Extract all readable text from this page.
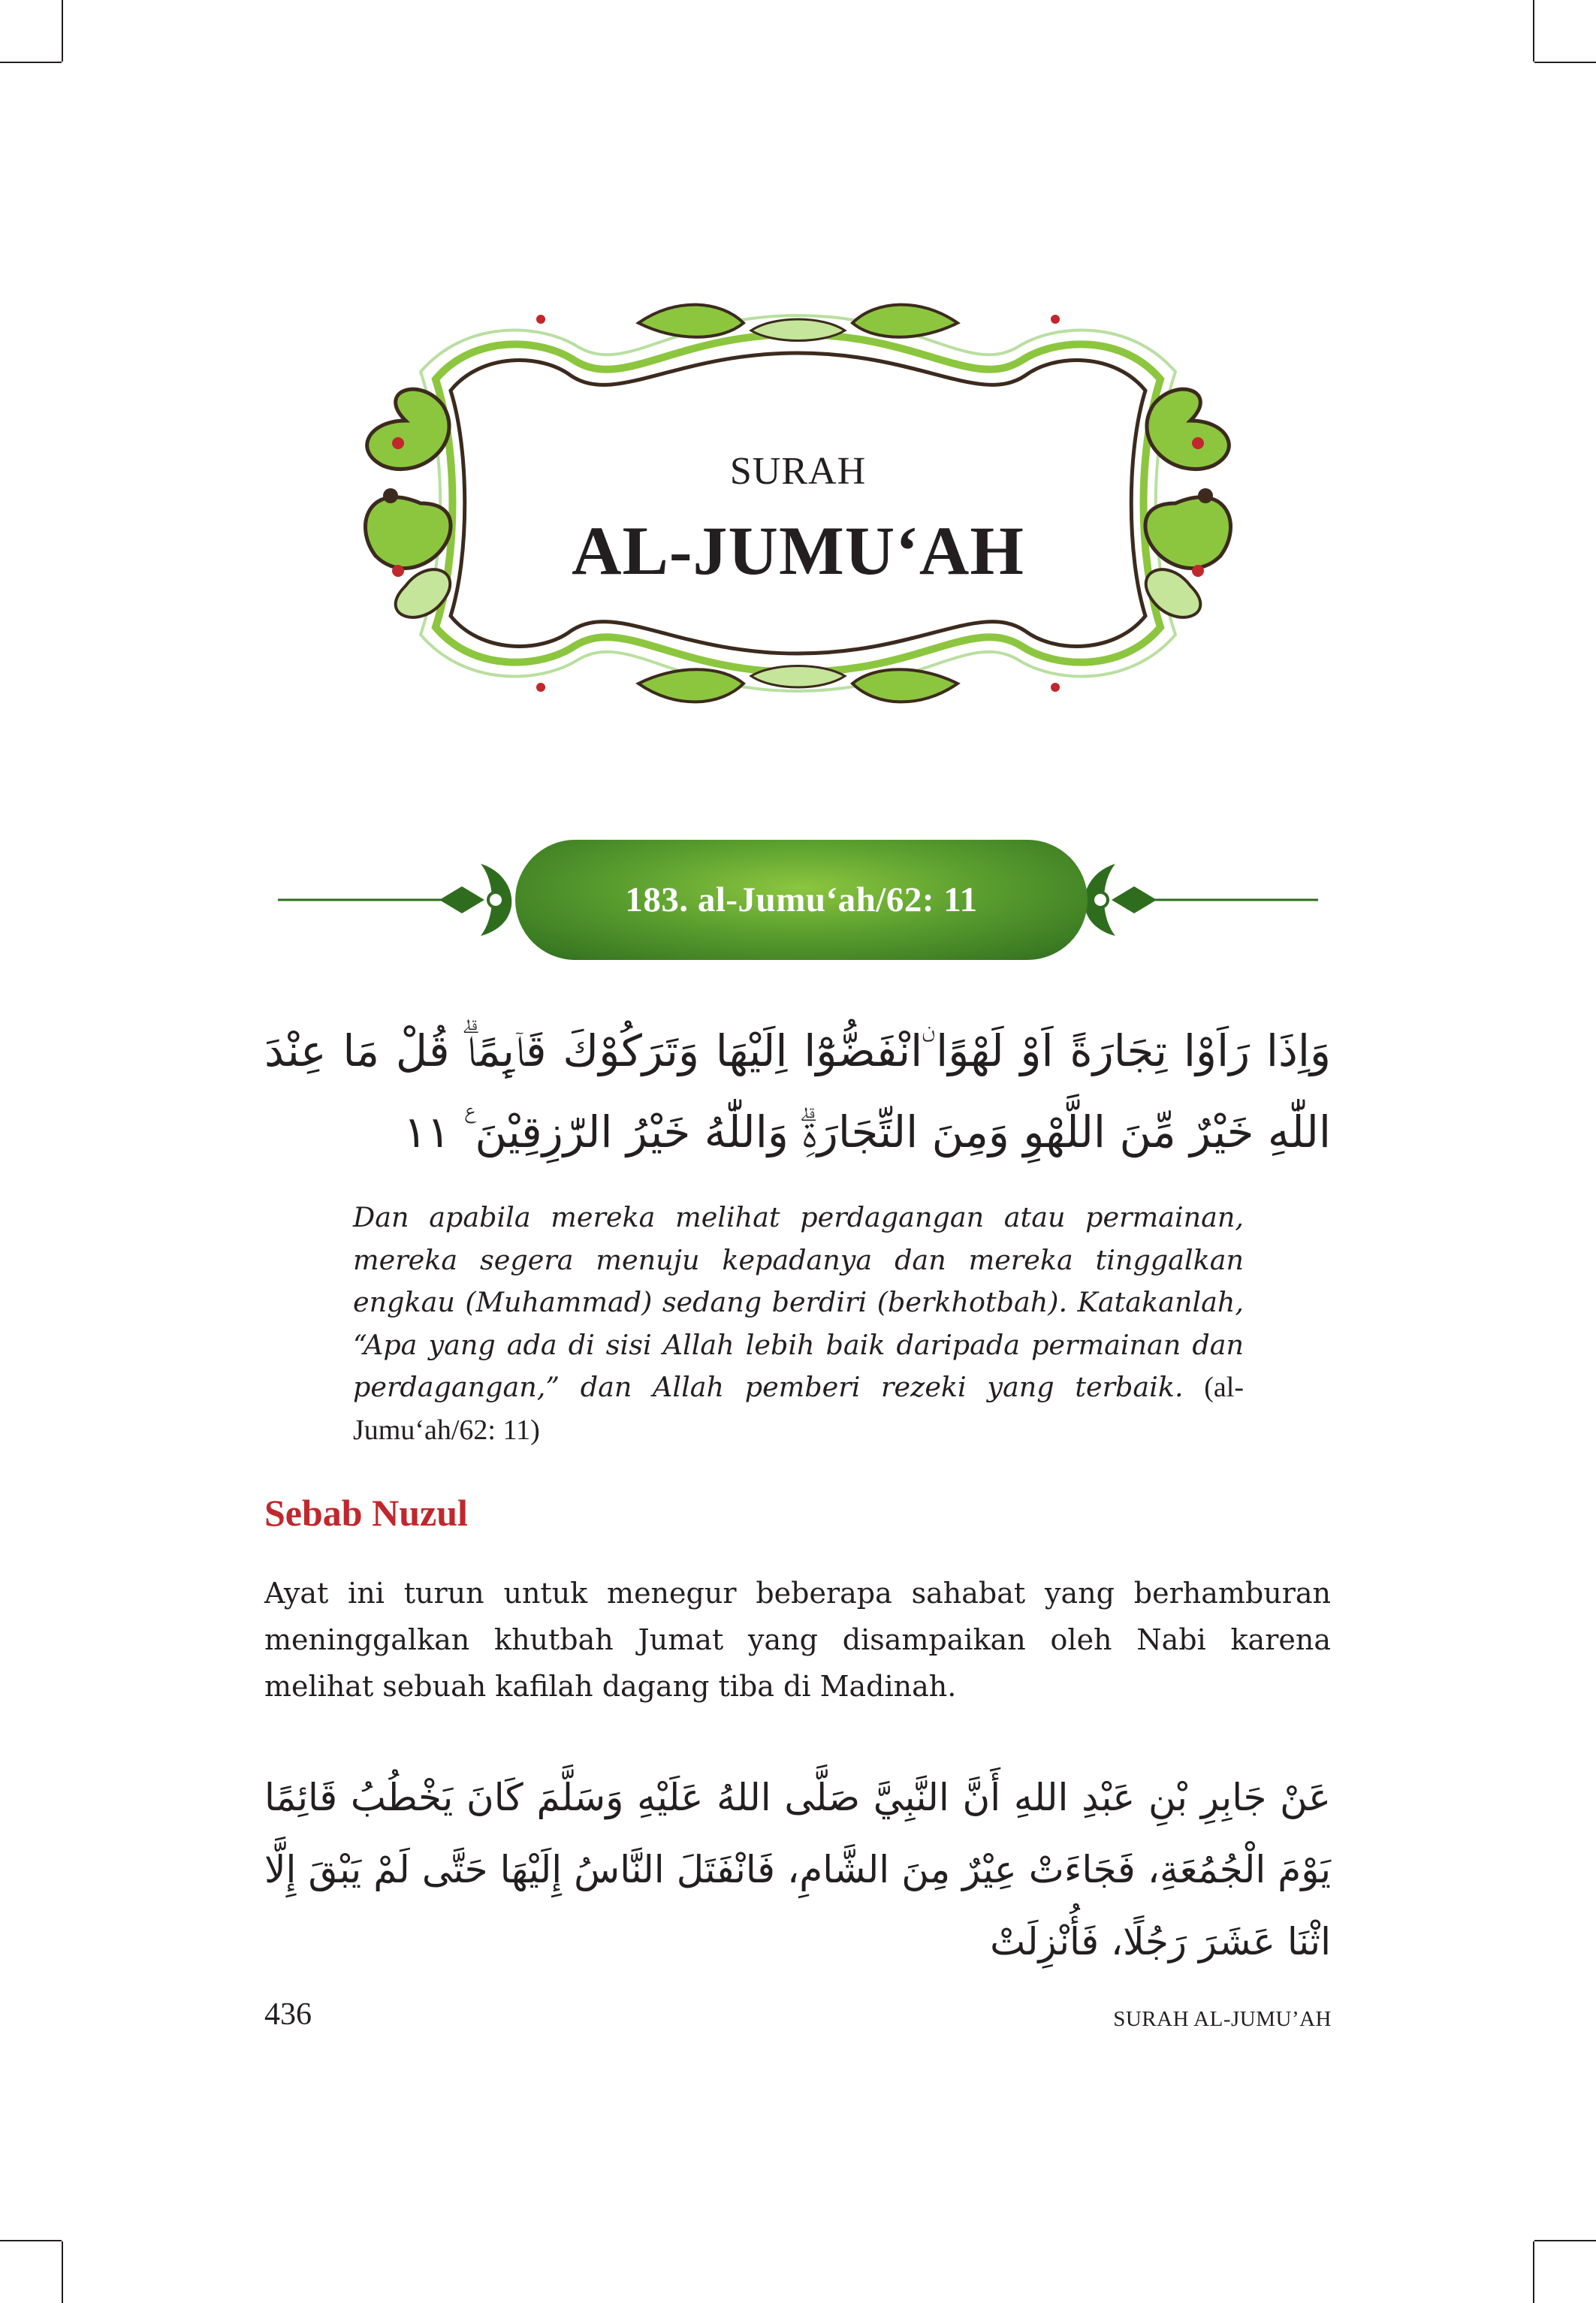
SURAH
AL-JUMU‘AH
183. al-Jumu‘ah/62: 11
وَاِذَا رَاَوْا تِجَارَةً اَوْ لَهْوًا ۨانْفَضُّوْٓا اِلَيْهَا وَتَرَكُوْكَ قَاۤىِٕمًاۗ قُلْ مَا عِنْدَ اللّٰهِ خَيْرٌ مِّنَ اللَّهْوِ وَمِنَ التِّجَارَةِۗ وَاللّٰهُ خَيْرُ الرّٰزِقِيْنَ ࣖ ١١
Dan apabila mereka melihat perdagangan atau permainan, mereka segera menuju kepadanya dan mereka tinggalkan engkau (Muhammad) sedang berdiri (berkhotbah). Katakanlah, “Apa yang ada di sisi Allah lebih baik daripada permainan dan perdagangan,” dan Allah pemberi rezeki yang terbaik. (al-Jumu‘ah/62: 11)
Sebab Nuzul
Ayat ini turun untuk menegur beberapa sahabat yang berhamburan meninggalkan khutbah Jumat yang disampaikan oleh Nabi karena melihat sebuah kafilah dagang tiba di Madinah.
عَنْ جَابِرِ بْنِ عَبْدِ اللهِ أَنَّ النَّبِيَّ صَلَّى اللهُ عَلَيْهِ وَسَلَّمَ كَانَ يَخْطُبُ قَائِمًا يَوْمَ الْجُمُعَةِ، فَجَاءَتْ عِيْرٌ مِنَ الشَّامِ، فَانْفَتَلَ النَّاسُ إِلَيْهَا حَتَّى لَمْ يَبْقَ إِلَّا اثْنَا عَشَرَ رَجُلًا، فَأُنْزِلَتْ
436	SURAH AL-JUMU’AH
